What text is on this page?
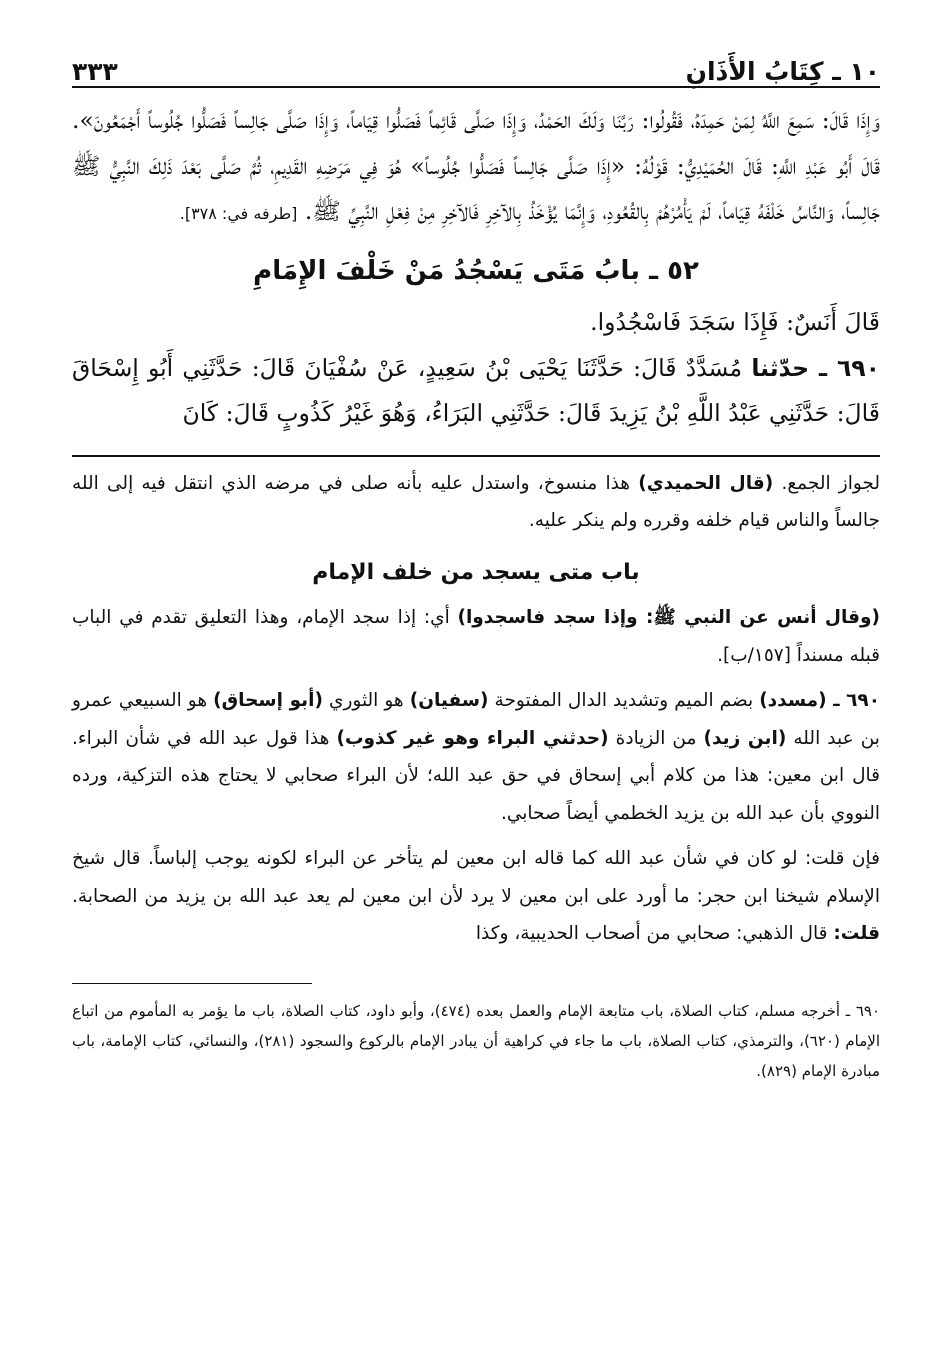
١٠ ـ كِتَابُ الأَذَانِ
٣٣٣

وَإِذَا قَالَ: سَمِعَ اللَّهُ لِمَنْ حَمِدَهُ، فَقُولُوا: رَبَّنَا وَلَكَ الحَمْدُ، وَإِذَا صَلَّى قَائِماً فَصَلُّوا قِيَاماً، وَإِذَا صَلَّى جَالِساً فَصَلُّوا جُلُوساً أَجْمَعُونَ». قَالَ أَبُو عَبْدِ اللَّهِ: قَالَ الحُمَيْدِيُّ: قَوْلُهُ: «إِذَا صَلَّى جَالِساً فَصَلُّوا جُلُوساً» هُوَ فِي مَرَضِهِ القَدِيمِ، ثُمَّ صَلَّى بَعْدَ ذَلِكَ النَّبِيُّ ﷺ جَالِساً، وَالنَّاسُ خَلْفَهُ قِيَاماً، لَمْ يَأْمُرْهُمْ بِالقُعُودِ، وَإِنَّمَا يُؤْخَذُ بِالآخِرِ فَالآخِرِ مِنْ فِعْلِ النَّبِيِّ ﷺ. [طرفه في: ٣٧٨].

٥٢ ـ بابُ مَتَى يَسْجُدُ مَنْ خَلْفَ الإِمَامِ

قَالَ أَنَسٌ: فَإِذَا سَجَدَ فَاسْجُدُوا.

٦٩٠ ـ حدّثنا مُسَدَّدٌ قَالَ: حَدَّثَنَا يَحْيَى بْنُ سَعِيدٍ، عَنْ سُفْيَانَ قَالَ: حَدَّثَنِي أَبُو إِسْحَاقَ قَالَ: حَدَّثَنِي عَبْدُ اللَّهِ بْنُ يَزِيدَ قَالَ: حَدَّثَنِي البَرَاءُ، وَهُوَ غَيْرُ كَذُوبٍ قَالَ: كَانَ

لجواز الجمع. (قال الحميدي) هذا منسوخ، واستدل عليه بأنه صلى في مرضه الذي انتقل فيه إلى الله جالساً والناس قيام خلفه وقرره ولم ينكر عليه.

باب متى يسجد من خلف الإمام

(وقال أنس عن النبي ﷺ: وإذا سجد فاسجدوا) أي: إذا سجد الإمام، وهذا التعليق تقدم في الباب قبله مسنداً [١٥٧/ب].

٦٩٠ ـ (مسدد) بضم الميم وتشديد الدال المفتوحة (سفيان) هو الثوري (أبو إسحاق) هو السبيعي عمرو بن عبد الله (ابن زيد) من الزيادة (حدثني البراء وهو غير كذوب) هذا قول عبد الله في شأن البراء. قال ابن معين: هذا من كلام أبي إسحاق في حق عبد الله؛ لأن البراء صحابي لا يحتاج هذه التزكية، ورده النووي بأن عبد الله بن يزيد الخطمي أيضاً صحابي.

فإن قلت: لو كان في شأن عبد الله كما قاله ابن معين لم يتأخر عن البراء لكونه يوجب إلباساً. قال شيخ الإسلام شيخنا ابن حجر: ما أورد على ابن معين لا يرد لأن ابن معين لم يعد عبد الله بن يزيد من الصحابة. قلت: قال الذهبي: صحابي من أصحاب الحديبية، وكذا

٦٩٠ ـ أخرجه مسلم، كتاب الصلاة، باب متابعة الإمام والعمل بعده (٤٧٤)، وأبو داود، كتاب الصلاة، باب ما يؤمر به المأموم من اتباع الإمام (٦٢٠)، والترمذي، كتاب الصلاة، باب ما جاء في كراهية أن يبادر الإمام بالركوع والسجود (٢٨١)، والنسائي، كتاب الإمامة، باب مبادرة الإمام (٨٢٩).
